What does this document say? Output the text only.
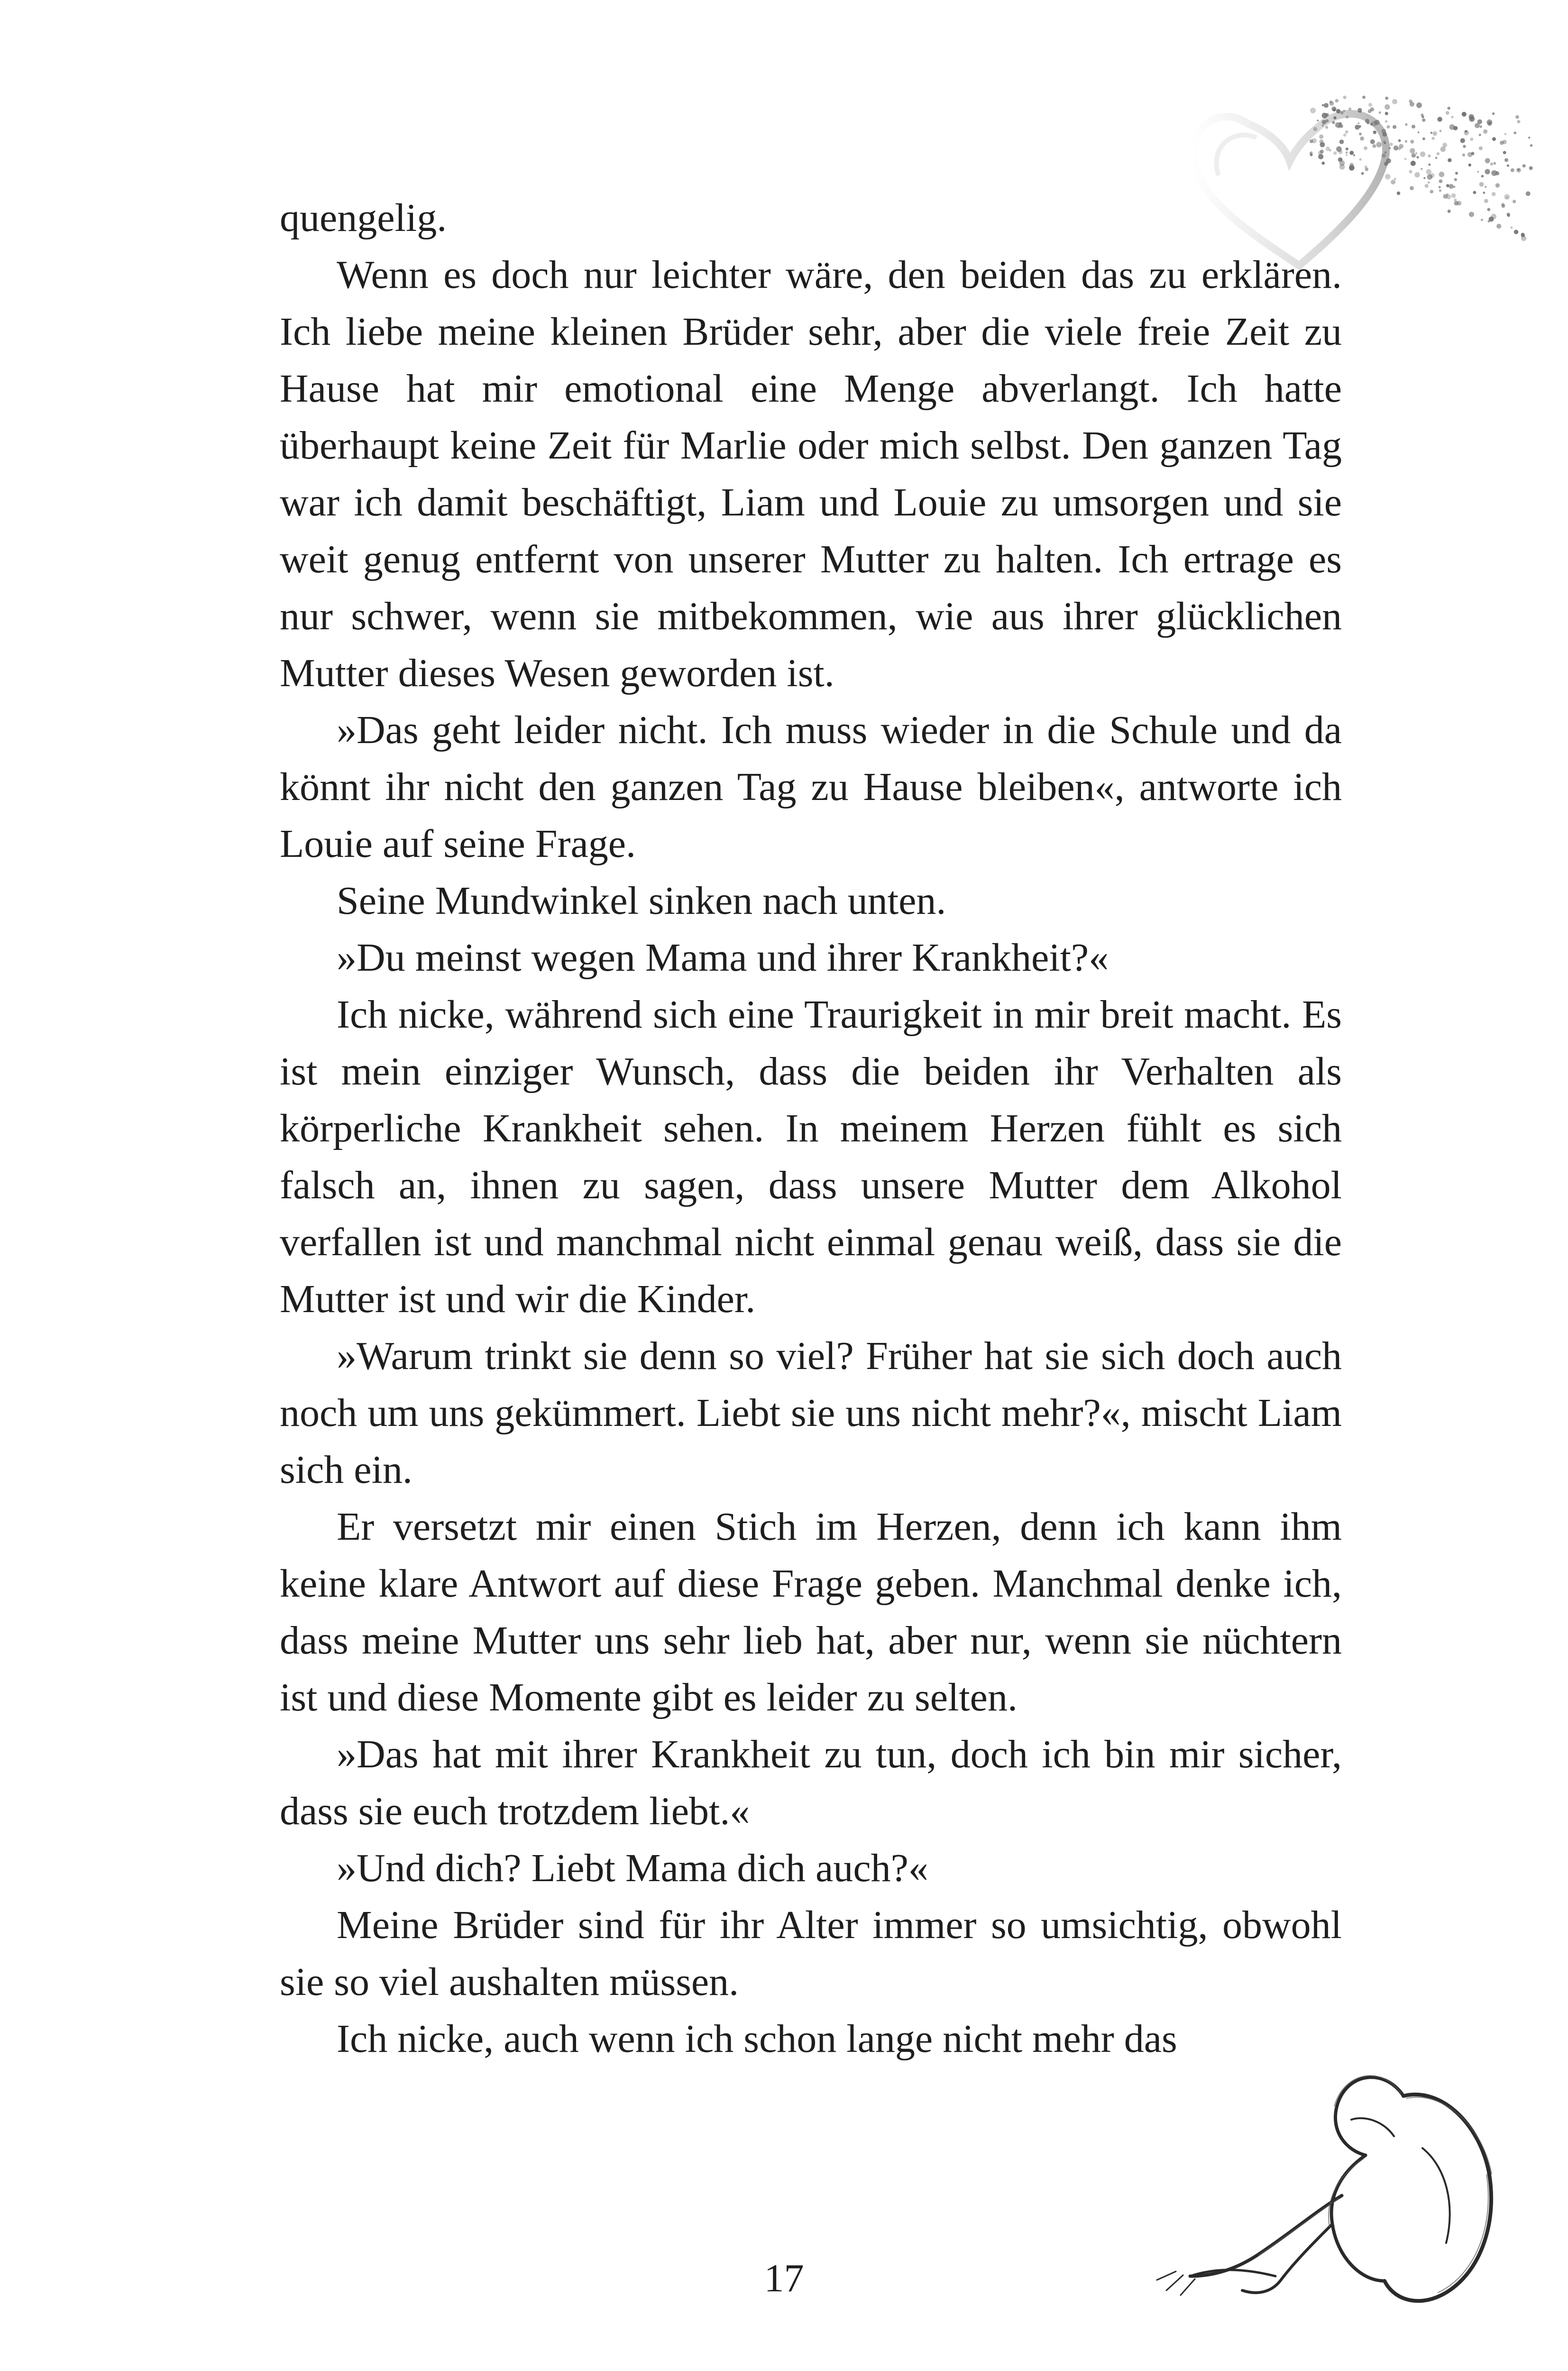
quengelig.

Wenn es doch nur leichter wäre, den beiden das zu erklären. Ich liebe meine kleinen Brüder sehr, aber die viele freie Zeit zu Hause hat mir emotional eine Menge abverlangt. Ich hatte überhaupt keine Zeit für Marlie oder mich selbst. Den ganzen Tag war ich damit beschäftigt, Liam und Louie zu umsorgen und sie weit genug entfernt von unserer Mutter zu halten. Ich ertrage es nur schwer, wenn sie mitbekommen, wie aus ihrer glücklichen Mutter dieses Wesen geworden ist.

»Das geht leider nicht. Ich muss wieder in die Schule und da könnt ihr nicht den ganzen Tag zu Hause bleiben«, antworte ich Louie auf seine Frage.

Seine Mundwinkel sinken nach unten.

»Du meinst wegen Mama und ihrer Krankheit?«

Ich nicke, während sich eine Traurigkeit in mir breit macht. Es ist mein einziger Wunsch, dass die beiden ihr Verhalten als körperliche Krankheit sehen. In meinem Herzen fühlt es sich falsch an, ihnen zu sagen, dass unsere Mutter dem Alkohol verfallen ist und manchmal nicht einmal genau weiß, dass sie die Mutter ist und wir die Kinder.

»Warum trinkt sie denn so viel? Früher hat sie sich doch auch noch um uns gekümmert. Liebt sie uns nicht mehr?«, mischt Liam sich ein.

Er versetzt mir einen Stich im Herzen, denn ich kann ihm keine klare Antwort auf diese Frage geben. Manchmal denke ich, dass meine Mutter uns sehr lieb hat, aber nur, wenn sie nüchtern ist und diese Momente gibt es leider zu selten.

»Das hat mit ihrer Krankheit zu tun, doch ich bin mir sicher, dass sie euch trotzdem liebt.«

»Und dich? Liebt Mama dich auch?«

Meine Brüder sind für ihr Alter immer so umsichtig, obwohl sie so viel aushalten müssen.

Ich nicke, auch wenn ich schon lange nicht mehr das

17
